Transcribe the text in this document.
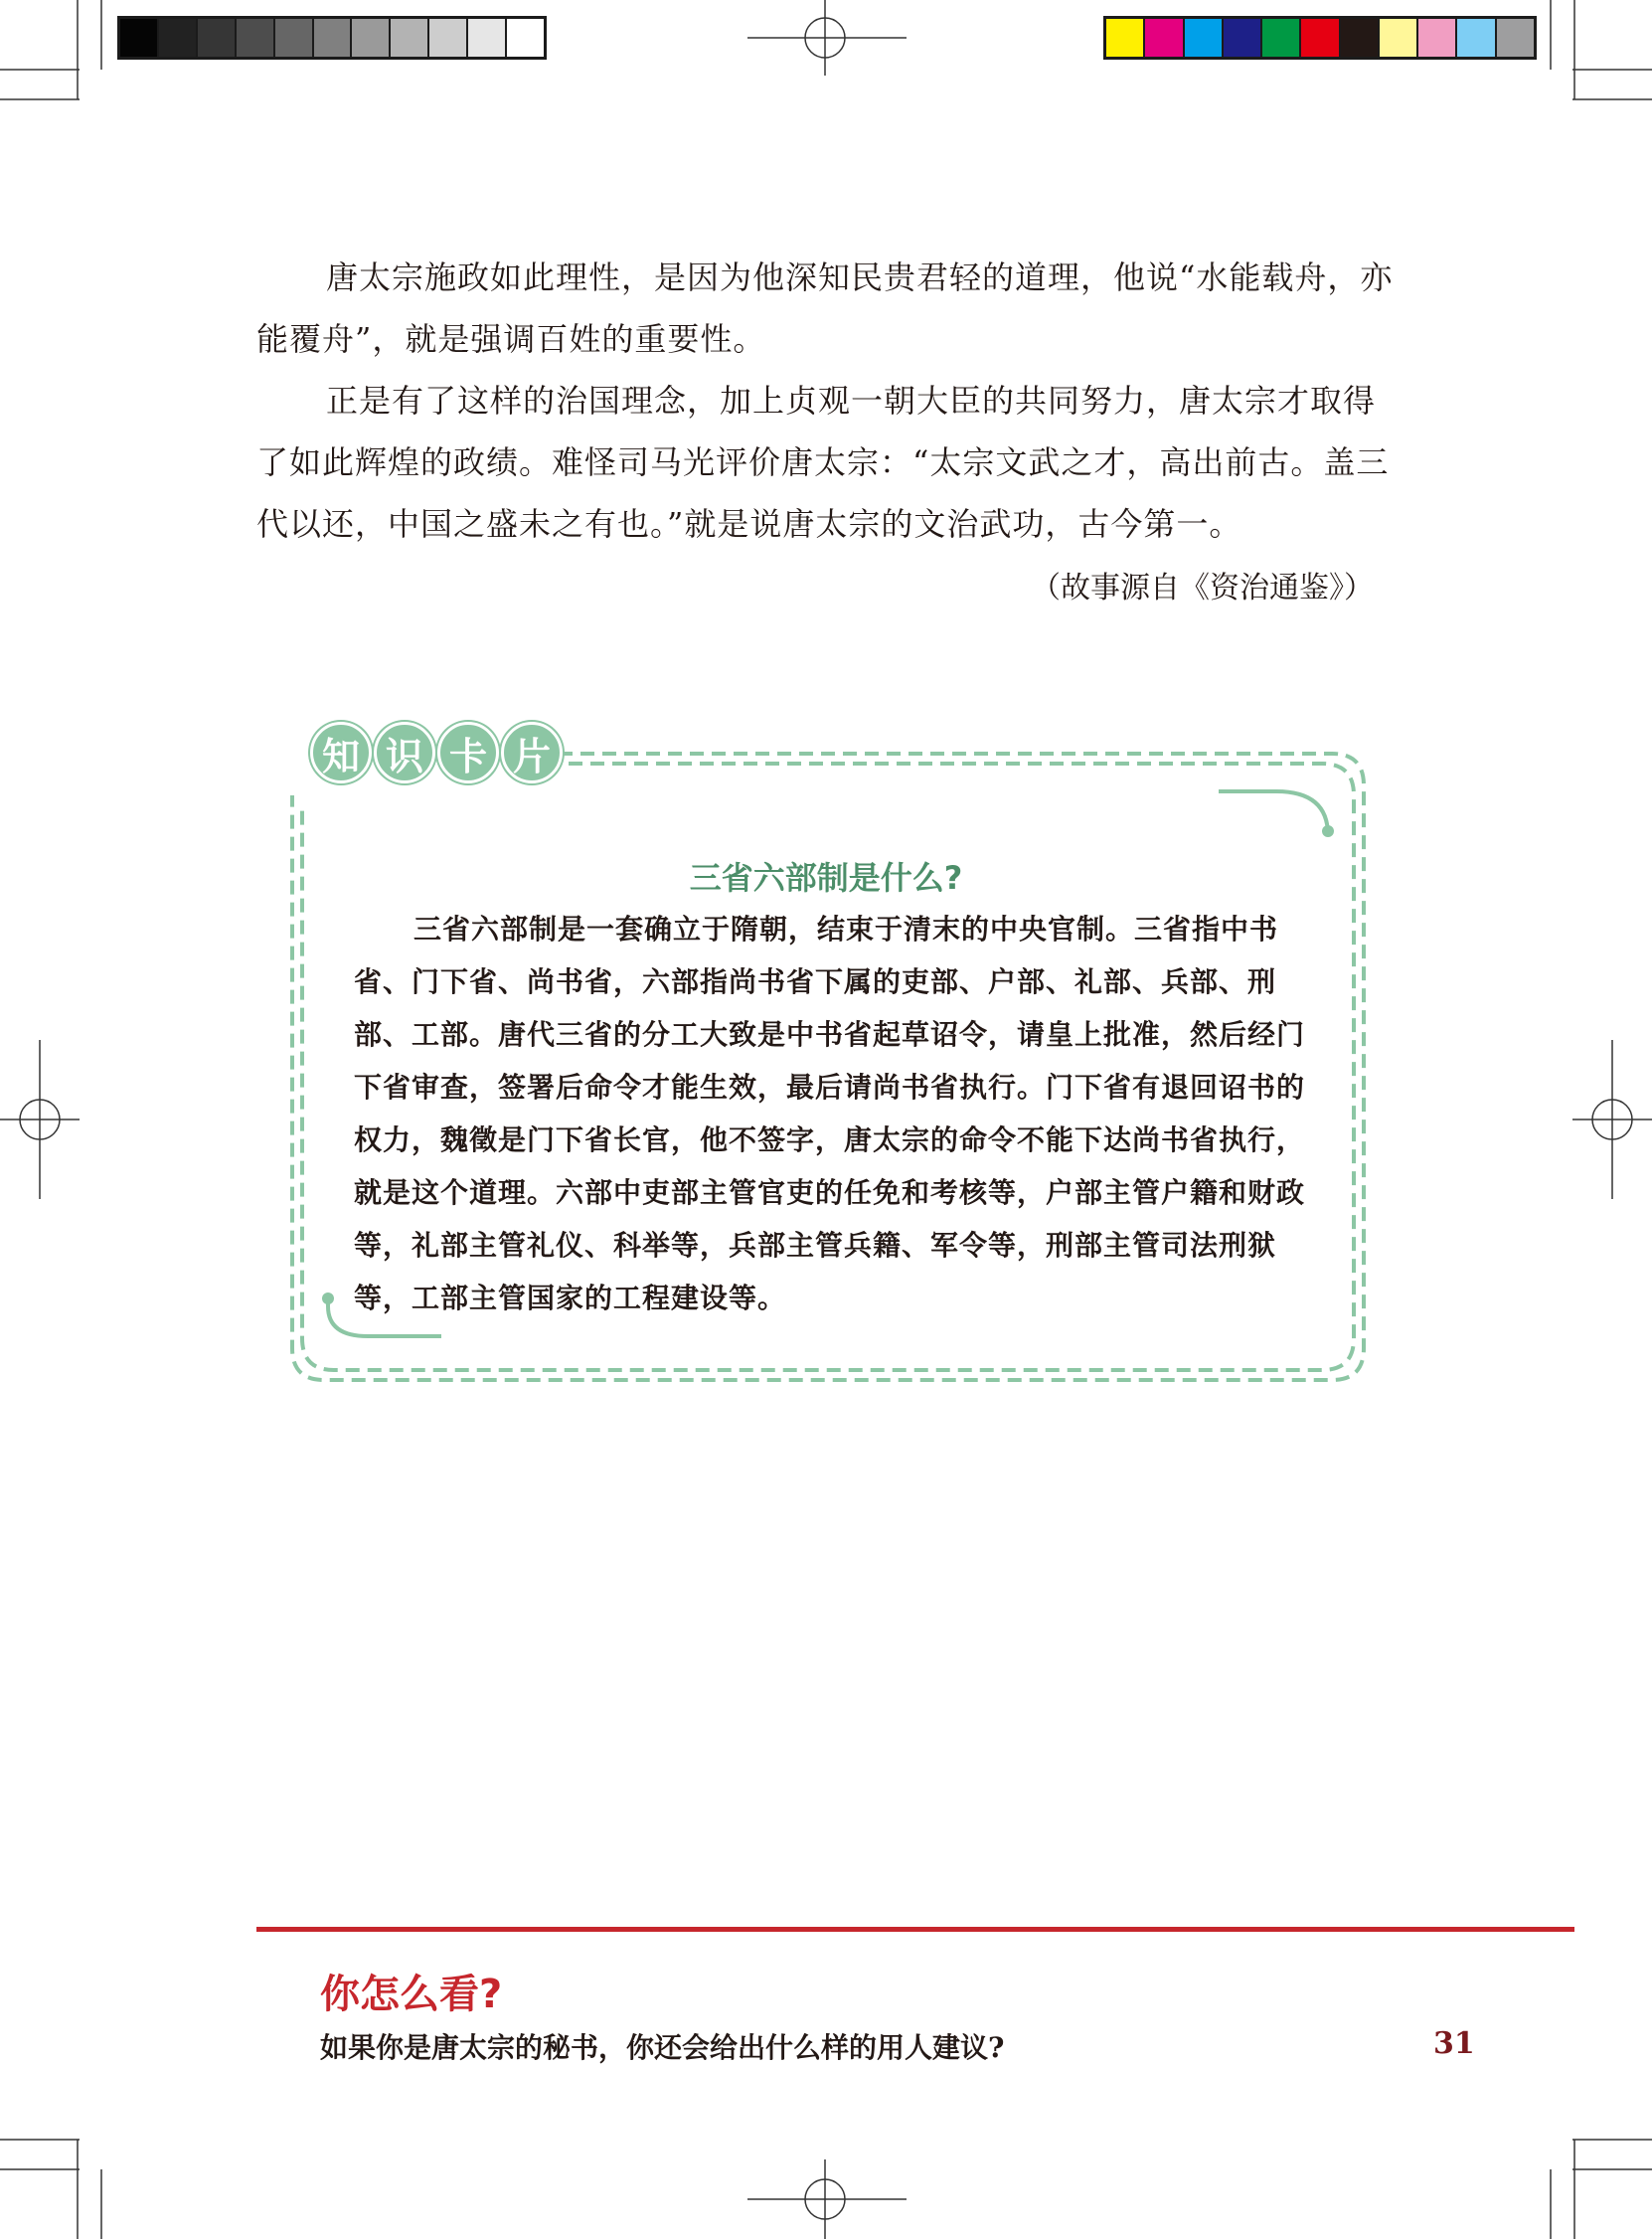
唐太宗施政如此理性，是因为他深知民贵君轻的道理，他说“水能载舟，亦能覆舟”，就是强调百姓的重要性。

正是有了这样的治国理念，加上贞观一朝大臣的共同努力，唐太宗才取得了如此辉煌的政绩。难怪司马光评价唐太宗：“太宗文武之才，高出前古。盖三代以还，中国之盛未之有也。”就是说唐太宗的文治武功，古今第一。

（故事源自《资治通鉴》）
知 识 卡 片
三省六部制是什么?

三省六部制是一套确立于隋朝，结束于清末的中央官制。三省指中书省、门下省、尚书省，六部指尚书省下属的吏部、户部、礼部、兵部、刑部、工部。唐代三省的分工大致是中书省起草诏令，请皇上批准，然后经门下省审查，签署后命令才能生效，最后请尚书省执行。门下省有退回诏书的权力，魏徵是门下省长官，他不签字，唐太宗的命令不能下达尚书省执行，就是这个道理。六部中吏部主管官吏的任免和考核等，户部主管户籍和财政等，礼部主管礼仪、科举等，兵部主管兵籍、军令等，刑部主管司法刑狱等，工部主管国家的工程建设等。

你怎么看?
如果你是唐太宗的秘书，你还会给出什么样的用人建议?	31
